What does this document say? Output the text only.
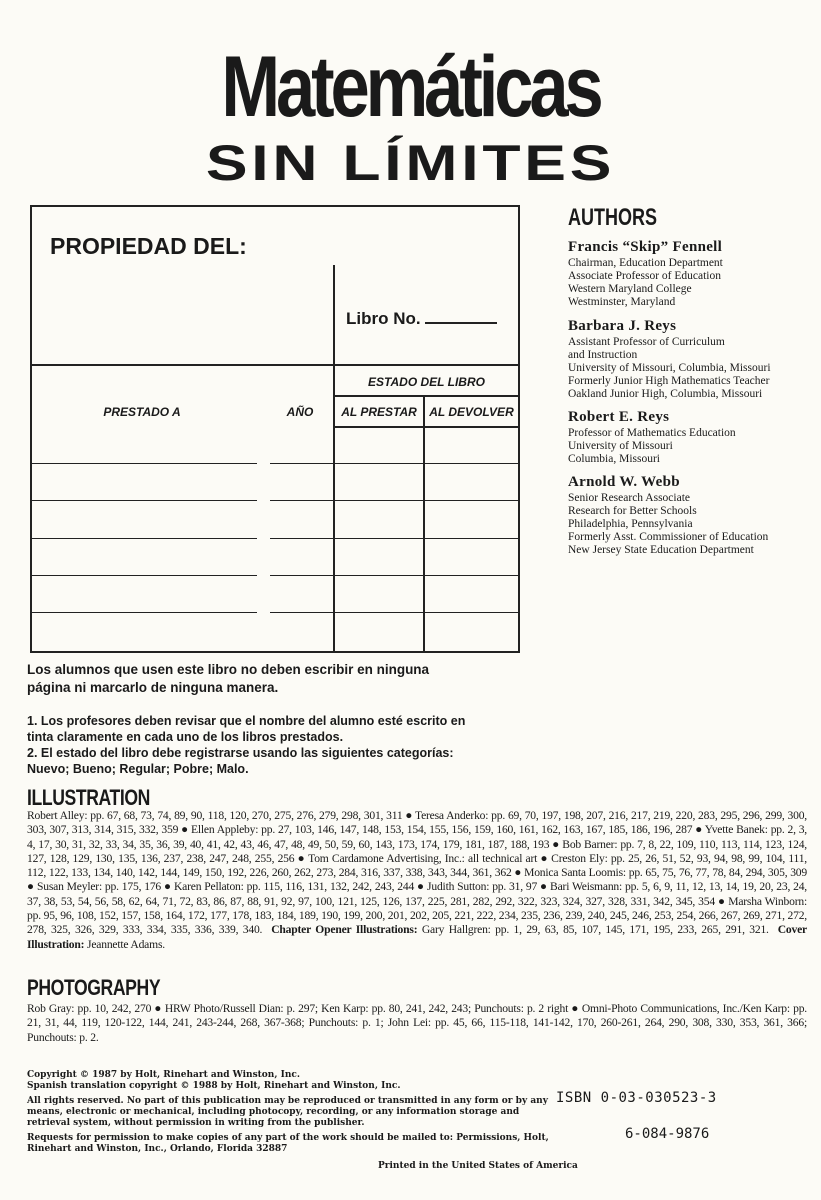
Matemáticas
SIN LÍMITES
PROPIEDAD DEL:
Libro No.
ESTADO DEL LIBRO
AL PRESTAR	AL DEVOLVER
PRESTADO A	AÑO
AUTHORS
Francis “Skip” Fennell
Chairman, Education Department
Associate Professor of Education
Western Maryland College
Westminster, Maryland
Barbara J. Reys
Assistant Professor of Curriculum
and Instruction
University of Missouri, Columbia, Missouri
Formerly Junior High Mathematics Teacher
Oakland Junior High, Columbia, Missouri
Robert E. Reys
Professor of Mathematics Education
University of Missouri
Columbia, Missouri
Arnold W. Webb
Senior Research Associate
Research for Better Schools
Philadelphia, Pennsylvania
Formerly Asst. Commissioner of Education
New Jersey State Education Department
Los alumnos que usen este libro no deben escribir en ninguna página ni marcarlo de ninguna manera.
1. Los profesores deben revisar que el nombre del alumno esté escrito en tinta claramente en cada uno de los libros prestados.
2. El estado del libro debe registrarse usando las siguientes categorías: Nuevo; Bueno; Regular; Pobre; Malo.
ILLUSTRATION
Robert Alley: pp. 67, 68, 73, 74, 89, 90, 118, 120, 270, 275, 276, 279, 298, 301, 311 ● Teresa Anderko: pp. 69, 70, 197, 198, 207, 216, 217, 219, 220, 283, 295, 296, 299, 300, 303, 307, 313, 314, 315, 332, 359 ● Ellen Appleby: pp. 27, 103, 146, 147, 148, 153, 154, 155, 156, 159, 160, 161, 162, 163, 167, 185, 186, 196, 287 ● Yvette Banek: pp. 2, 3, 4, 17, 30, 31, 32, 33, 34, 35, 36, 39, 40, 41, 42, 43, 46, 47, 48, 49, 50, 59, 60, 143, 173, 174, 179, 181, 187, 188, 193 ● Bob Barner: pp. 7, 8, 22, 109, 110, 113, 114, 123, 124, 127, 128, 129, 130, 135, 136, 237, 238, 247, 248, 255, 256 ● Tom Cardamone Advertising, Inc.: all technical art ● Creston Ely: pp. 25, 26, 51, 52, 93, 94, 98, 99, 104, 111, 112, 122, 133, 134, 140, 142, 144, 149, 150, 192, 226, 260, 262, 273, 284, 316, 337, 338, 343, 344, 361, 362 ● Monica Santa Loomis: pp. 65, 75, 76, 77, 78, 84, 294, 305, 309 ● Susan Meyler: pp. 175, 176 ● Karen Pellaton: pp. 115, 116, 131, 132, 242, 243, 244 ● Judith Sutton: pp. 31, 97 ● Bari Weismann: pp. 5, 6, 9, 11, 12, 13, 14, 19, 20, 23, 24, 37, 38, 53, 54, 56, 58, 62, 64, 71, 72, 83, 86, 87, 88, 91, 92, 97, 100, 121, 125, 126, 137, 225, 281, 282, 292, 322, 323, 324, 327, 328, 331, 342, 345, 354 ● Marsha Winborn: pp. 95, 96, 108, 152, 157, 158, 164, 172, 177, 178, 183, 184, 189, 190, 199, 200, 201, 202, 205, 221, 222, 234, 235, 236, 239, 240, 245, 246, 253, 254, 266, 267, 269, 271, 272, 278, 325, 326, 329, 333, 334, 335, 336, 339, 340. Chapter Opener Illustrations: Gary Hallgren: pp. 1, 29, 63, 85, 107, 145, 171, 195, 233, 265, 291, 321. Cover Illustration: Jeannette Adams.
PHOTOGRAPHY
Rob Gray: pp. 10, 242, 270 ● HRW Photo/Russell Dian: p. 297; Ken Karp: pp. 80, 241, 242, 243; Punchouts: p. 2 right ● Omni-Photo Communications, Inc./Ken Karp: pp. 21, 31, 44, 119, 120-122, 144, 241, 243-244, 268, 367-368; Punchouts: p. 1; John Lei: pp. 45, 66, 115-118, 141-142, 170, 260-261, 264, 290, 308, 330, 353, 361, 366; Punchouts: p. 2.
Copyright © 1987 by Holt, Rinehart and Winston, Inc.
Spanish translation copyright © 1988 by Holt, Rinehart and Winston, Inc.
All rights reserved. No part of this publication may be reproduced or transmitted in any form or by any means, electronic or mechanical, including photocopy, recording, or any information storage and retrieval system, without permission in writing from the publisher.
Requests for permission to make copies of any part of the work should be mailed to: Permissions, Holt, Rinehart and Winston, Inc., Orlando, Florida 32887
Printed in the United States of America
ISBN 0-03-030523-3
6-084-9876
